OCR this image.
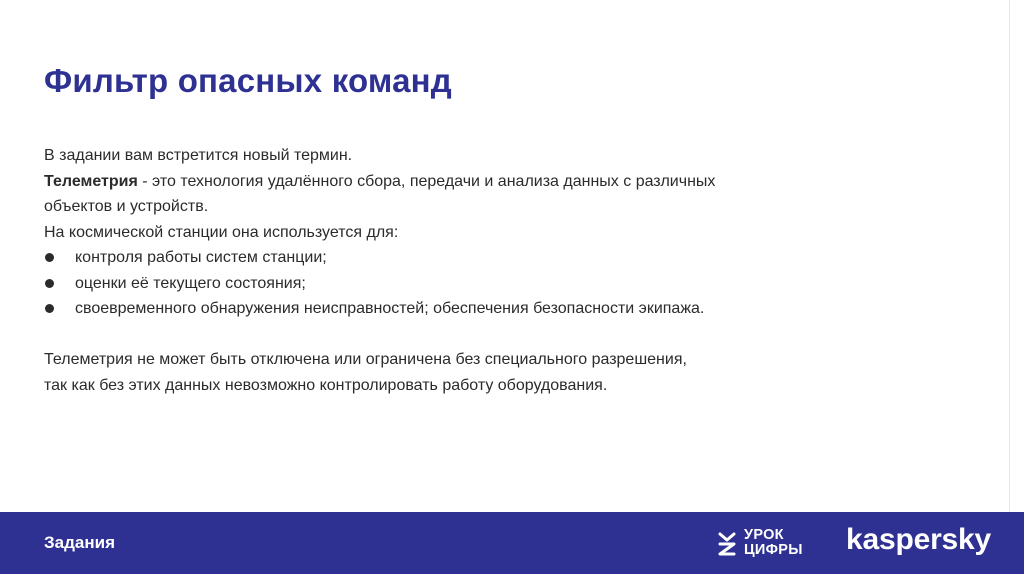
Фильтр опасных команд
В задании вам встретится новый термин.
Телеметрия - это технология удалённого сбора, передачи и анализа данных с различных
объектов и устройств.
На космической станции она используется для:
контроля работы систем станции;
оценки её текущего состояния;
своевременного обнаружения неисправностей; обеспечения безопасности экипажа.
Телеметрия не может быть отключена или ограничена без специального разрешения,
так как без этих данных невозможно контролировать работу оборудования.
Задания	УРОК
ЦИФРЫ kaspersky
